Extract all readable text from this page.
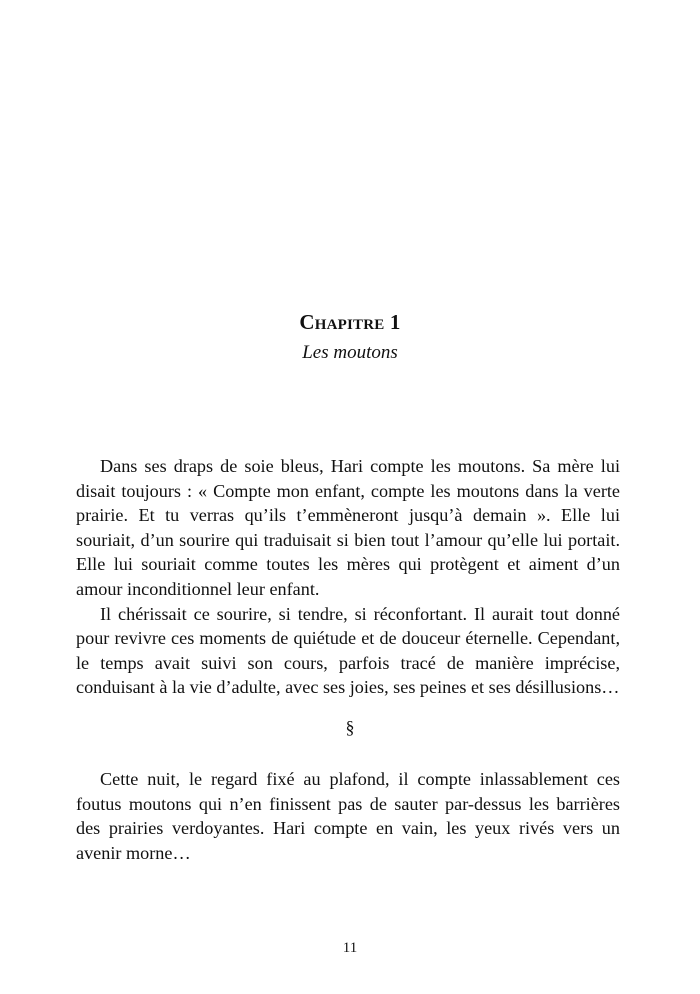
Chapitre 1
Les moutons

Dans ses draps de soie bleus, Hari compte les moutons. Sa mère lui disait toujours : « Compte mon enfant, compte les moutons dans la verte prairie. Et tu verras qu’ils t’emmèneront jusqu’à demain ». Elle lui souriait, d’un sourire qui traduisait si bien tout l’amour qu’elle lui portait. Elle lui souriait comme toutes les mères qui protègent et aiment d’un amour inconditionnel leur enfant.

Il chérissait ce sourire, si tendre, si réconfortant. Il aurait tout donné pour revivre ces moments de quiétude et de douceur éternelle. Cependant, le temps avait suivi son cours, parfois tracé de manière imprécise, conduisant à la vie d’adulte, avec ses joies, ses peines et ses désillusions…

§

Cette nuit, le regard fixé au plafond, il compte inlassablement ces foutus moutons qui n’en finissent pas de sauter par-dessus les barrières des prairies verdoyantes. Hari compte en vain, les yeux rivés vers un avenir morne…

11
